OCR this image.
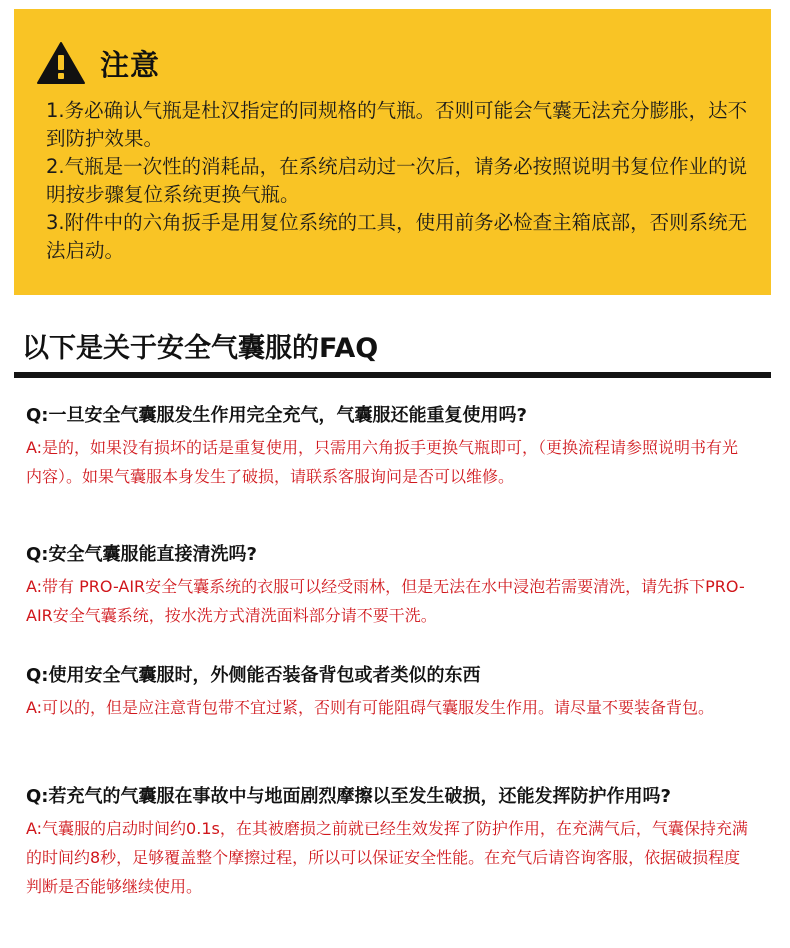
注意
1.务必确认气瓶是杜汉指定的同规格的气瓶。否则可能会气囊无法充分膨胀，达不到防护效果。
2.气瓶是一次性的消耗品，在系统启动过一次后，请务必按照说明书复位作业的说明按步骤复位系统更换气瓶。
3.附件中的六角扳手是用复位系统的工具，使用前务必检查主箱底部，否则系统无法启动。
以下是关于安全气囊服的FAQ
Q:一旦安全气囊服发生作用完全充气，气囊服还能重复使用吗?
A:是的，如果没有损坏的话是重复使用，只需用六角扳手更换气瓶即可，（更换流程请参照说明书有光内容）。如果气囊服本身发生了破损，请联系客服询问是否可以维修。
Q:安全气囊服能直接清洗吗?
A:带有 PRO-AIR安全气囊系统的衣服可以经受雨林，但是无法在水中浸泡若需要清洗，请先拆下PRO-AIR安全气囊系统，按水洗方式清洗面料部分请不要干洗。
Q:使用安全气囊服时，外侧能否装备背包或者类似的东西
A:可以的，但是应注意背包带不宜过紧，否则有可能阻碍气囊服发生作用。请尽量不要装备背包。
Q:若充气的气囊服在事故中与地面剧烈摩擦以至发生破损，还能发挥防护作用吗?
A:气囊服的启动时间约0.1s，在其被磨损之前就已经生效发挥了防护作用，在充满气后，气囊保持充满的时间约8秒，足够覆盖整个摩擦过程，所以可以保证安全性能。在充气后请咨询客服，依据破损程度判断是否能够继续使用。
